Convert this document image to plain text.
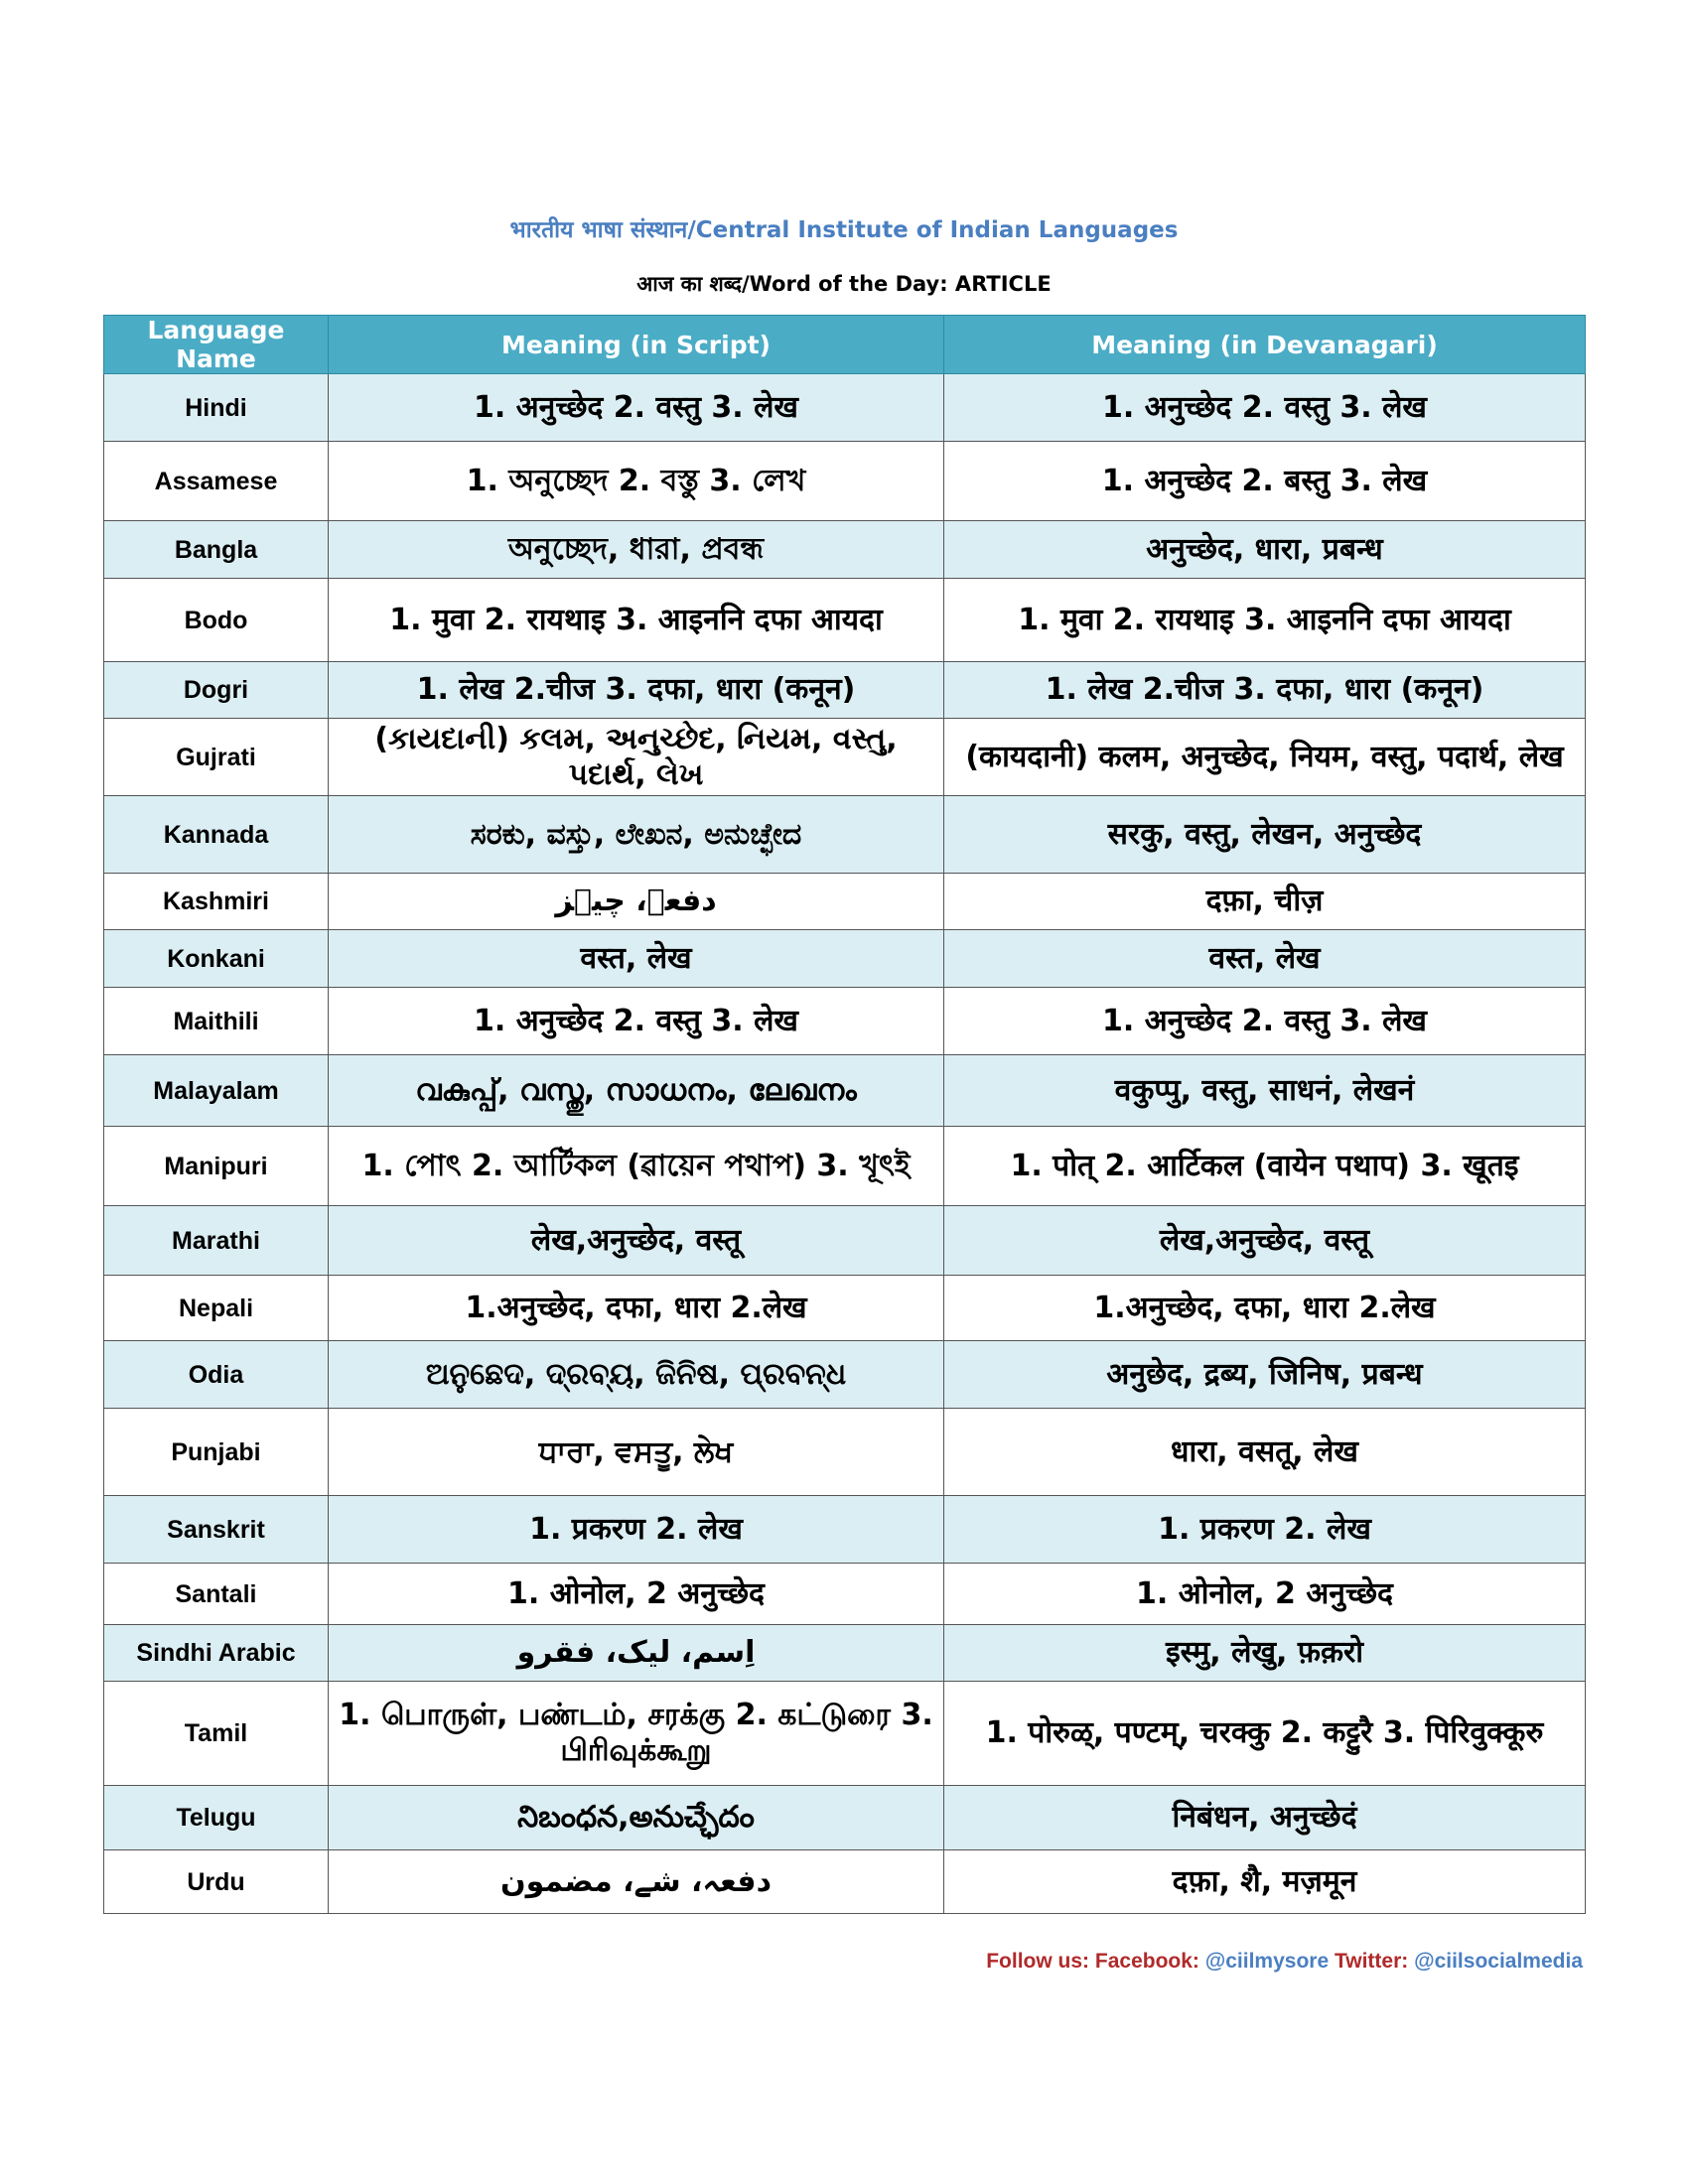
भारतीय भाषा संस्थान/Central Institute of Indian Languages
आज का शब्द/Word of the Day: ARTICLE
Language Name	Meaning (in Script)	Meaning (in Devanagari)
Hindi	1. अनुच्छेद 2. वस्तु 3. लेख	1. अनुच्छेद 2. वस्तु 3. लेख
Assamese	1. অনুচ্ছেদ 2. বস্তু 3. লেখ	1. अनुच्छेद 2. बस्तु 3. लेख
Bangla	অনুচ্ছেদ, ধারা, প্রবন্ধ	अनुच्छेद, धारा, प्रबन्ध
Bodo	1. मुवा 2. रायथाइ 3. आइननि दफा आयदा	1. मुवा 2. रायथाइ 3. आइननि दफा आयदा
Dogri	1. लेख 2.चीज 3. दफा, धारा (कनून)	1. लेख 2.चीज 3. दफा, धारा (कनून)
Gujrati	(કાયદાની) કલમ, અનુચ્છેદ, નિયમ, વસ્તુ, પદાર્થ, લેખ	(कायदानी) कलम, अनुच्छेद, नियम, वस्तु, पदार्थ, लेख
Kannada	ಸರಕು, ವಸ್ತು, ಲೇಖನ, ಅನುಚ್ಛೇದ	सरकु, वस्तु, लेखन, अनुच्छेद
Kashmiri	دفعہ، چیٖز	दफ़ा, चीज़
Konkani	वस्त, लेख	वस्त, लेख
Maithili	1. अनुच्छेद 2. वस्तु 3. लेख	1. अनुच्छेद 2. वस्तु 3. लेख
Malayalam	വകുപ്പ്, വസ്തു, സാധനം, ലേഖനം	वकुप्पु, वस्तु, साधनं, लेखनं
Manipuri	1. পোৎ 2. আর্টিকল (ৱায়েন পথাপ) 3. খূৎই	1. पोत् 2. आर्टिकल (वायेन पथाप) 3. खूतइ
Marathi	लेख,अनुच्छेद, वस्तू	लेख,अनुच्छेद, वस्तू
Nepali	1.अनुच्छेद, दफा, धारा 2.लेख	1.अनुच्छेद, दफा, धारा 2.लेख
Odia	ଅନୁଛେଦ, ଦ୍ରବ୍ୟ, ଜିନିଷ, ପ୍ରବନ୍ଧ	अनुछेद, द्रब्य, जिनिष, प्रबन्ध
Punjabi	ਧਾਰਾ, ਵਸਤੂ, ਲੇਖ	धारा, वसतू, लेख
Sanskrit	1. प्रकरण 2. लेख	1. प्रकरण 2. लेख
Santali	1. ओनोल, 2 अनुच्छेद	1. ओनोल, 2 अनुच्छेद
Sindhi Arabic	اِسم، ليک، فقرو	इस्मु, लेखु, फ़क़रो
Tamil	1. பொருள், பண்டம், சரக்கு 2. கட்டுரை 3. பிரிவுக்கூறு	1. पोरुळ्, पण्टम्, चरक्कु 2. कट्टुरै 3. पिरिवुक्कूरु
Telugu	నిబంధన,అనుచ్ఛేదం	निबंधन, अनुच्छेदं
Urdu	دفعہ، شے، مضمون	दफ़ा, शै, मज़मून
Follow us: Facebook: @ciilmysore Twitter: @ciilsocialmedia
